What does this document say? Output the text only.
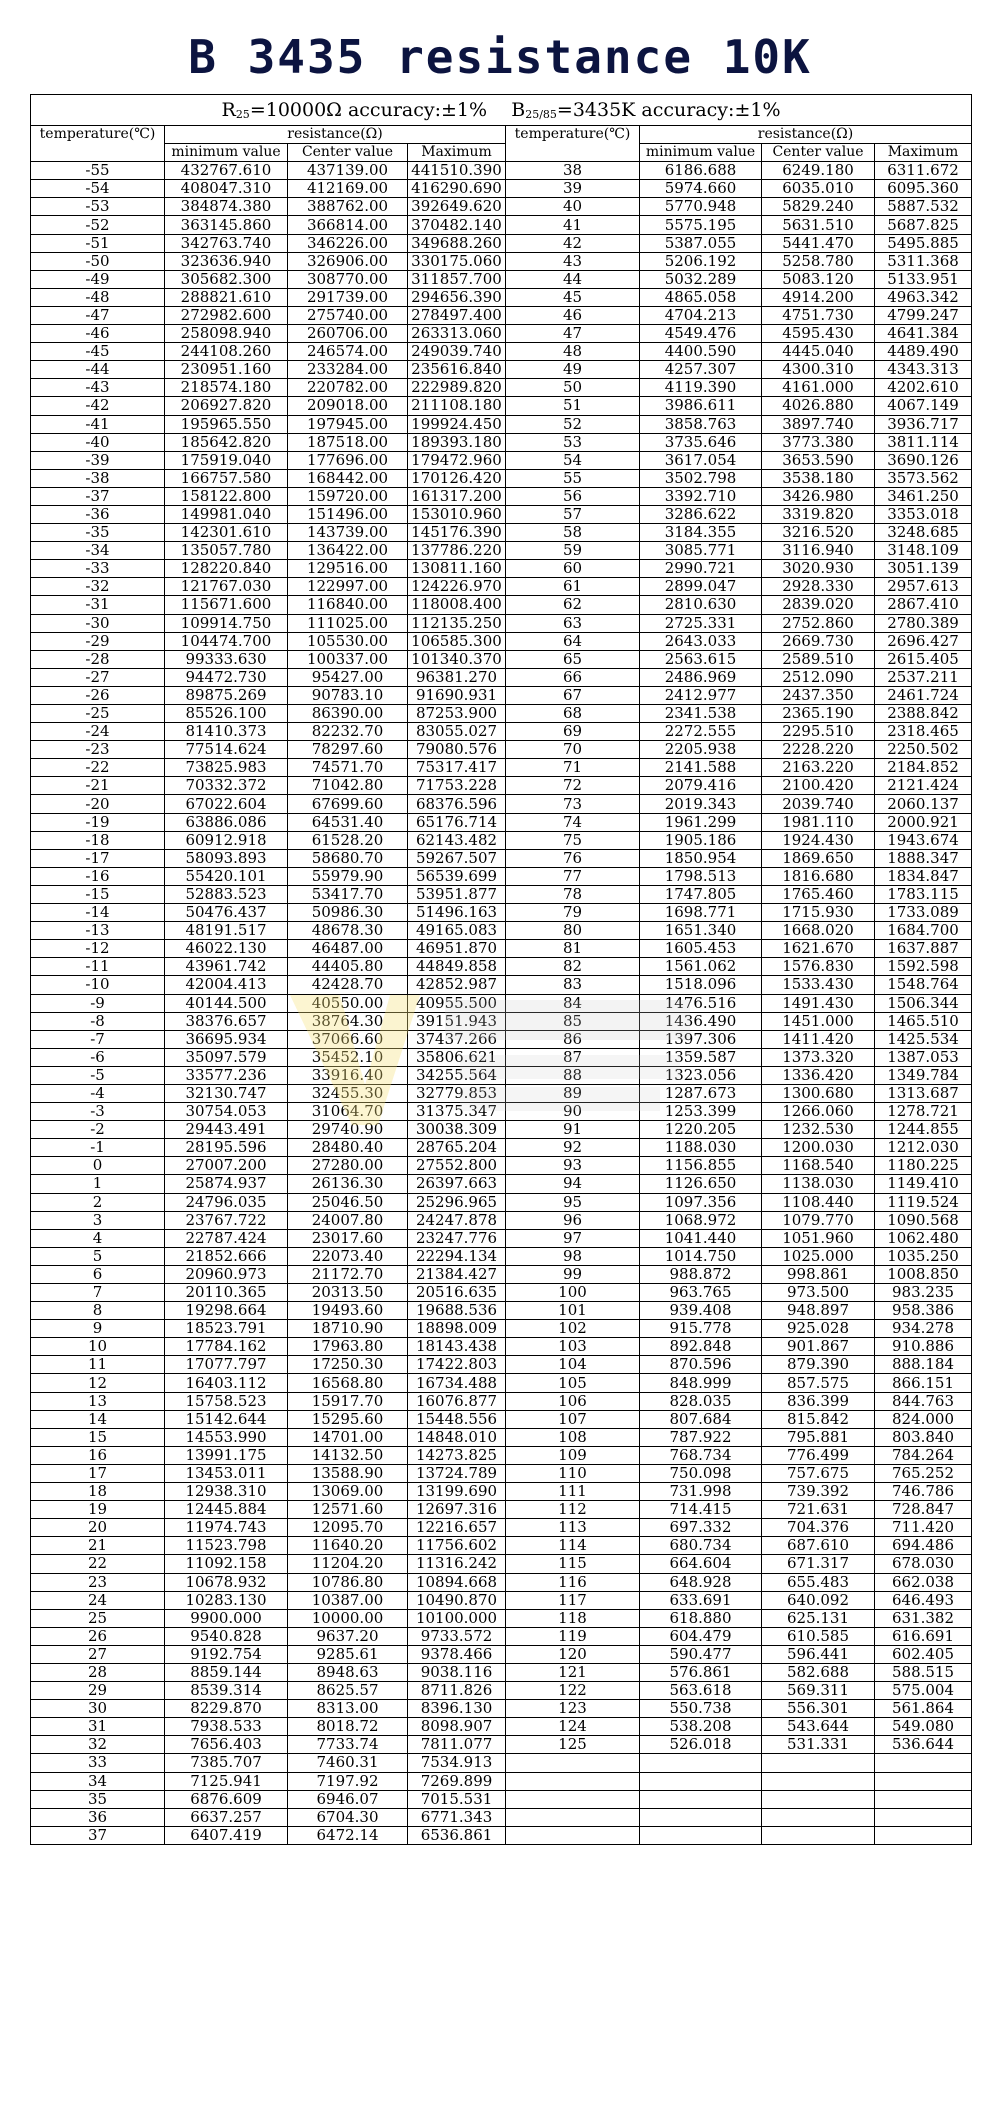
B 3435 resistance 10K
$R_{25}=10000\Omega$ accuracy:±1% $B_{25/85}=3435K$ accuracy:±1%							
temperature(℃)	resistance(Ω)			temperature(℃)	resistance(Ω)		
	minimum value	Center value	Maximum		minimum value	Center value	Maximum
-55	432767.610	437139.00	441510.390	38	6186.688	6249.180	6311.672
-54	408047.310	412169.00	416290.690	39	5974.660	6035.010	6095.360
-53	384874.380	388762.00	392649.620	40	5770.948	5829.240	5887.532
-52	363145.860	366814.00	370482.140	41	5575.195	5631.510	5687.825
-51	342763.740	346226.00	349688.260	42	5387.055	5441.470	5495.885
-50	323636.940	326906.00	330175.060	43	5206.192	5258.780	5311.368
-49	305682.300	308770.00	311857.700	44	5032.289	5083.120	5133.951
-48	288821.610	291739.00	294656.390	45	4865.058	4914.200	4963.342
-47	272982.600	275740.00	278497.400	46	4704.213	4751.730	4799.247
-46	258098.940	260706.00	263313.060	47	4549.476	4595.430	4641.384
-45	244108.260	246574.00	249039.740	48	4400.590	4445.040	4489.490
-44	230951.160	233284.00	235616.840	49	4257.307	4300.310	4343.313
-43	218574.180	220782.00	222989.820	50	4119.390	4161.000	4202.610
-42	206927.820	209018.00	211108.180	51	3986.611	4026.880	4067.149
-41	195965.550	197945.00	199924.450	52	3858.763	3897.740	3936.717
-40	185642.820	187518.00	189393.180	53	3735.646	3773.380	3811.114
-39	175919.040	177696.00	179472.960	54	3617.054	3653.590	3690.126
-38	166757.580	168442.00	170126.420	55	3502.798	3538.180	3573.562
-37	158122.800	159720.00	161317.200	56	3392.710	3426.980	3461.250
-36	149981.040	151496.00	153010.960	57	3286.622	3319.820	3353.018
-35	142301.610	143739.00	145176.390	58	3184.355	3216.520	3248.685
-34	135057.780	136422.00	137786.220	59	3085.771	3116.940	3148.109
-33	128220.840	129516.00	130811.160	60	2990.721	3020.930	3051.139
-32	121767.030	122997.00	124226.970	61	2899.047	2928.330	2957.613
-31	115671.600	116840.00	118008.400	62	2810.630	2839.020	2867.410
-30	109914.750	111025.00	112135.250	63	2725.331	2752.860	2780.389
-29	104474.700	105530.00	106585.300	64	2643.033	2669.730	2696.427
-28	99333.630	100337.00	101340.370	65	2563.615	2589.510	2615.405
-27	94472.730	95427.00	96381.270	66	2486.969	2512.090	2537.211
-26	89875.269	90783.10	91690.931	67	2412.977	2437.350	2461.724
-25	85526.100	86390.00	87253.900	68	2341.538	2365.190	2388.842
-24	81410.373	82232.70	83055.027	69	2272.555	2295.510	2318.465
-23	77514.624	78297.60	79080.576	70	2205.938	2228.220	2250.502
-22	73825.983	74571.70	75317.417	71	2141.588	2163.220	2184.852
-21	70332.372	71042.80	71753.228	72	2079.416	2100.420	2121.424
-20	67022.604	67699.60	68376.596	73	2019.343	2039.740	2060.137
-19	63886.086	64531.40	65176.714	74	1961.299	1981.110	2000.921
-18	60912.918	61528.20	62143.482	75	1905.186	1924.430	1943.674
-17	58093.893	58680.70	59267.507	76	1850.954	1869.650	1888.347
-16	55420.101	55979.90	56539.699	77	1798.513	1816.680	1834.847
-15	52883.523	53417.70	53951.877	78	1747.805	1765.460	1783.115
-14	50476.437	50986.30	51496.163	79	1698.771	1715.930	1733.089
-13	48191.517	48678.30	49165.083	80	1651.340	1668.020	1684.700
-12	46022.130	46487.00	46951.870	81	1605.453	1621.670	1637.887
-11	43961.742	44405.80	44849.858	82	1561.062	1576.830	1592.598
-10	42004.413	42428.70	42852.987	83	1518.096	1533.430	1548.764
-9	40144.500	40550.00	40955.500	84	1476.516	1491.430	1506.344
-8	38376.657	38764.30	39151.943	85	1436.490	1451.000	1465.510
-7	36695.934	37066.60	37437.266	86	1397.306	1411.420	1425.534
-6	35097.579	35452.10	35806.621	87	1359.587	1373.320	1387.053
-5	33577.236	33916.40	34255.564	88	1323.056	1336.420	1349.784
-4	32130.747	32455.30	32779.853	89	1287.673	1300.680	1313.687
-3	30754.053	31064.70	31375.347	90	1253.399	1266.060	1278.721
-2	29443.491	29740.90	30038.309	91	1220.205	1232.530	1244.855
-1	28195.596	28480.40	28765.204	92	1188.030	1200.030	1212.030
0	27007.200	27280.00	27552.800	93	1156.855	1168.540	1180.225
1	25874.937	26136.30	26397.663	94	1126.650	1138.030	1149.410
2	24796.035	25046.50	25296.965	95	1097.356	1108.440	1119.524
3	23767.722	24007.80	24247.878	96	1068.972	1079.770	1090.568
4	22787.424	23017.60	23247.776	97	1041.440	1051.960	1062.480
5	21852.666	22073.40	22294.134	98	1014.750	1025.000	1035.250
6	20960.973	21172.70	21384.427	99	988.872	998.861	1008.850
7	20110.365	20313.50	20516.635	100	963.765	973.500	983.235
8	19298.664	19493.60	19688.536	101	939.408	948.897	958.386
9	18523.791	18710.90	18898.009	102	915.778	925.028	934.278
10	17784.162	17963.80	18143.438	103	892.848	901.867	910.886
11	17077.797	17250.30	17422.803	104	870.596	879.390	888.184
12	16403.112	16568.80	16734.488	105	848.999	857.575	866.151
13	15758.523	15917.70	16076.877	106	828.035	836.399	844.763
14	15142.644	15295.60	15448.556	107	807.684	815.842	824.000
15	14553.990	14701.00	14848.010	108	787.922	795.881	803.840
16	13991.175	14132.50	14273.825	109	768.734	776.499	784.264
17	13453.011	13588.90	13724.789	110	750.098	757.675	765.252
18	12938.310	13069.00	13199.690	111	731.998	739.392	746.786
19	12445.884	12571.60	12697.316	112	714.415	721.631	728.847
20	11974.743	12095.70	12216.657	113	697.332	704.376	711.420
21	11523.798	11640.20	11756.602	114	680.734	687.610	694.486
22	11092.158	11204.20	11316.242	115	664.604	671.317	678.030
23	10678.932	10786.80	10894.668	116	648.928	655.483	662.038
24	10283.130	10387.00	10490.870	117	633.691	640.092	646.493
25	9900.000	10000.00	10100.000	118	618.880	625.131	631.382
26	9540.828	9637.20	9733.572	119	604.479	610.585	616.691
27	9192.754	9285.61	9378.466	120	590.477	596.441	602.405
28	8859.144	8948.63	9038.116	121	576.861	582.688	588.515
29	8539.314	8625.57	8711.826	122	563.618	569.311	575.004
30	8229.870	8313.00	8396.130	123	550.738	556.301	561.864
31	7938.533	8018.72	8098.907	124	538.208	543.644	549.080
32	7656.403	7733.74	7811.077	125	526.018	531.331	536.644
33	7385.707	7460.31	7534.913				
34	7125.941	7197.92	7269.899				
35	6876.609	6946.07	7015.531				
36	6637.257	6704.30	6771.343				
37	6407.419	6472.14	6536.861				
